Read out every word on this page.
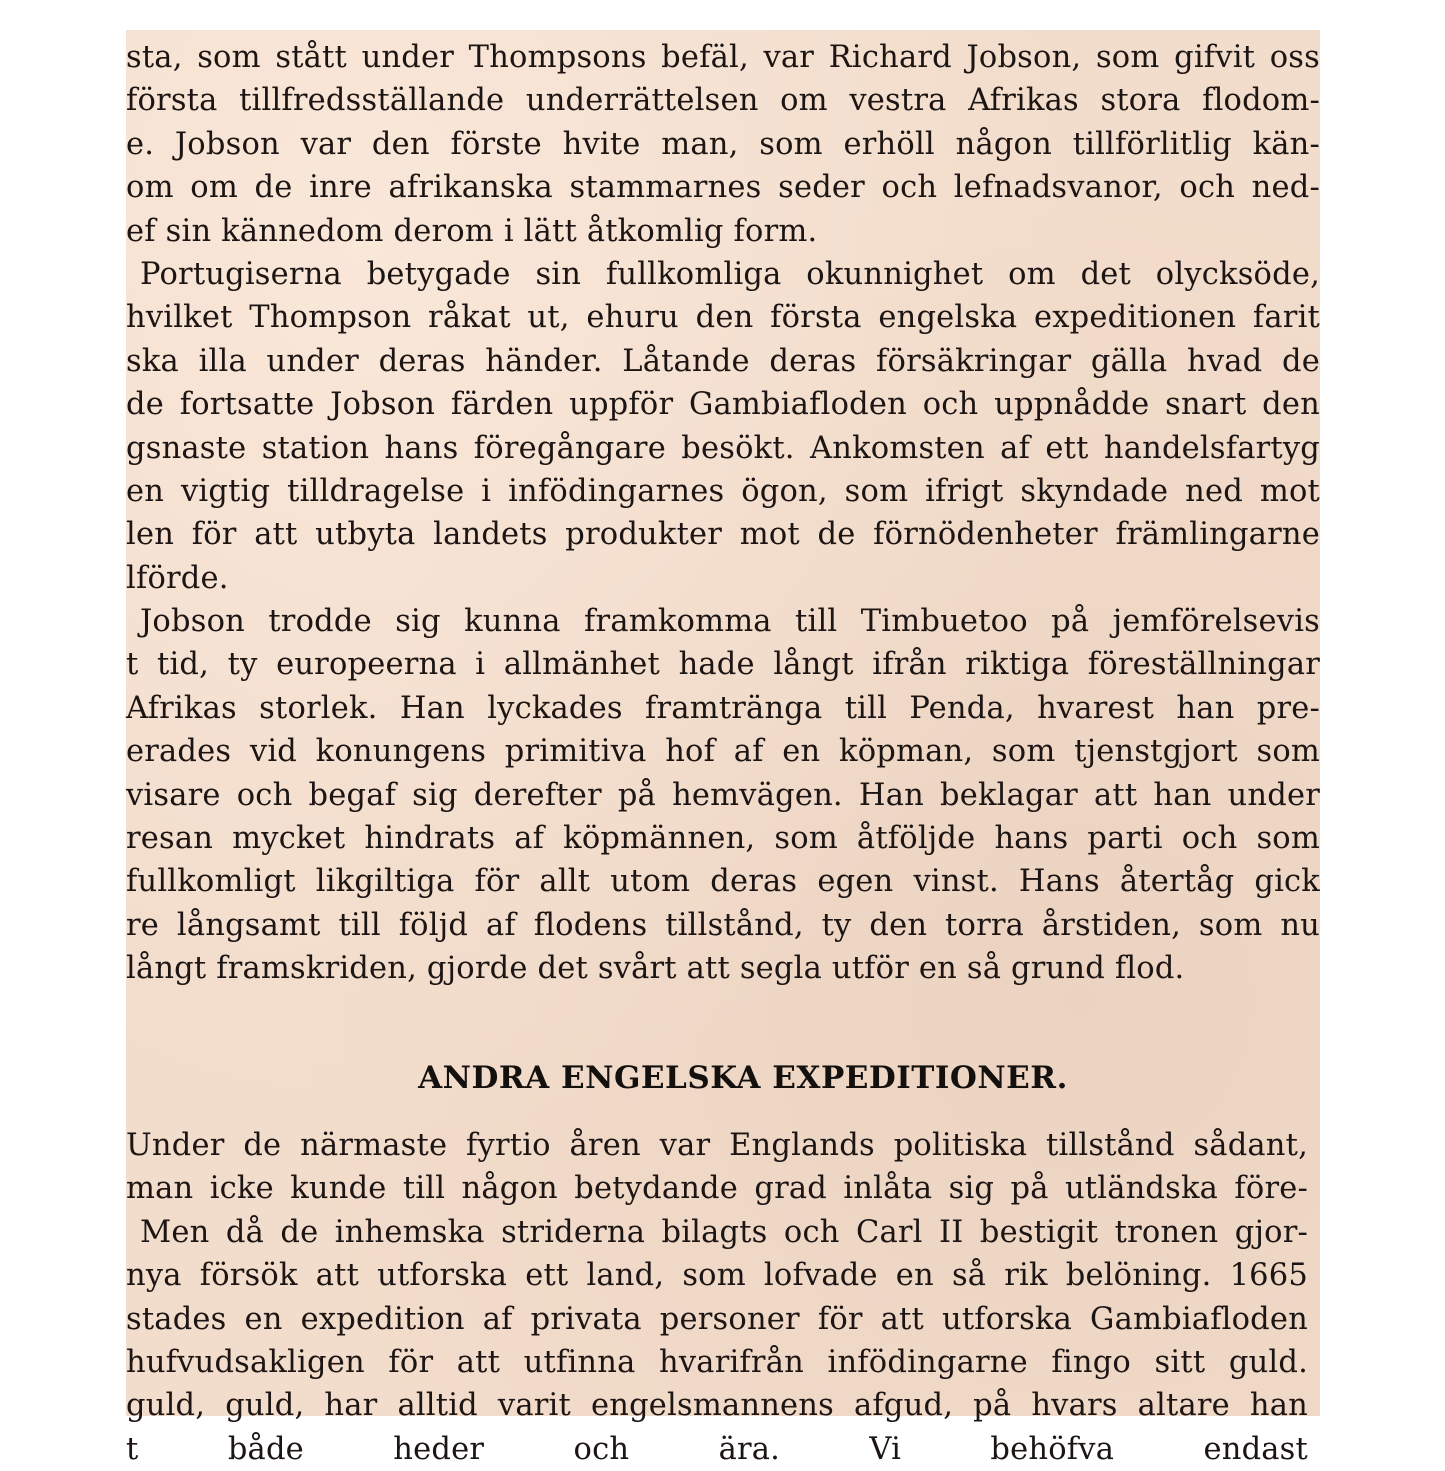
sta, som stått under Thompsons befäl, var Richard Jobson, som gifvit oss
första tillfredsställande underrättelsen om vestra Afrikas stora flodom-
e. Jobson var den förste hvite man, som erhöll någon tillförlitlig kän-
om om de inre afrikanska stammarnes seder och lefnadsvanor, och ned-
ef sin kännedom derom i lätt åtkomlig form.
Portugiserna betygade sin fullkomliga okunnighet om det olycksöde,
hvilket Thompson råkat ut, ehuru den första engelska expeditionen farit
ska illa under deras händer. Låtande deras försäkringar gälla hvad de
de fortsatte Jobson färden uppför Gambiafloden och uppnådde snart den
gsnaste station hans föregångare besökt. Ankomsten af ett handelsfartyg
en vigtig tilldragelse i infödingarnes ögon, som ifrigt skyndade ned mot
len för att utbyta landets produkter mot de förnödenheter främlingarne
lförde.
Jobson trodde sig kunna framkomma till Timbuetoo på jemförelsevis
t tid, ty europeerna i allmänhet hade långt ifrån riktiga föreställningar
Afrikas storlek. Han lyckades framtränga till Penda, hvarest han pre-
erades vid konungens primitiva hof af en köpman, som tjenstgjort som
visare och begaf sig derefter på hemvägen. Han beklagar att han under
resan mycket hindrats af köpmännen, som åtföljde hans parti och som
fullkomligt likgiltiga för allt utom deras egen vinst. Hans återtåg gick
re långsamt till följd af flodens tillstånd, ty den torra årstiden, som nu
långt framskriden, gjorde det svårt att segla utför en så grund flod.
ANDRA ENGELSKA EXPEDITIONER.
Under de närmaste fyrtio åren var Englands politiska tillstånd sådant,
man icke kunde till någon betydande grad inlåta sig på utländska före-
Men då de inhemska striderna bilagts och Carl II bestigit tronen gjor-
nya försök att utforska ett land, som lofvade en så rik belöning. 1665
stades en expedition af privata personer för att utforska Gambiafloden
hufvudsakligen för att utfinna hvarifrån infödingarne fingo sitt guld.
guld, guld, har alltid varit engelsmannens afgud, på hvars altare han
t både heder och ära. Vi behöfva endast
